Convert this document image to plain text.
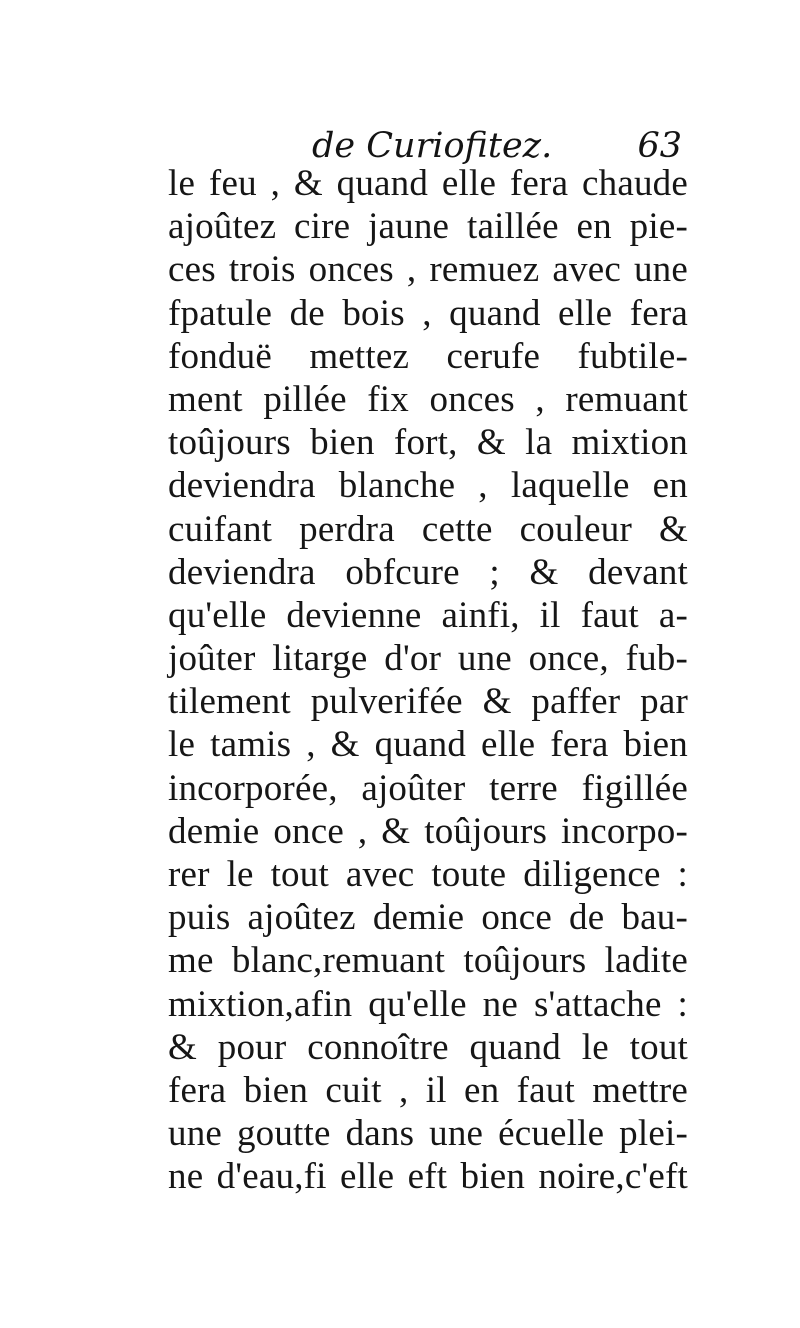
de Curiofitez. 63
le feu , & quand elle fera chaude
ajoûtez cire jaune taillée en pie-
ces trois onces , remuez avec une
fpatule de bois , quand elle fera
fonduë mettez cerufe fubtile-
ment pillée fix onces , remuant
toûjours bien fort, & la mixtion
deviendra blanche , laquelle en
cuifant perdra cette couleur &
deviendra obfcure ; & devant
qu'elle devienne ainfi, il faut a-
joûter litarge d'or une once, fub-
tilement pulverifée & paffer par
le tamis , & quand elle fera bien
incorporée, ajoûter terre figillée
demie once , & toûjours incorpo-
rer le tout avec toute diligence :
puis ajoûtez demie once de bau-
me blanc,remuant toûjours ladite
mixtion,afin qu'elle ne s'attache :
& pour connoître quand le tout
fera bien cuit , il en faut mettre
une goutte dans une écuelle plei-
ne d'eau,fi elle eft bien noire,c'eft
